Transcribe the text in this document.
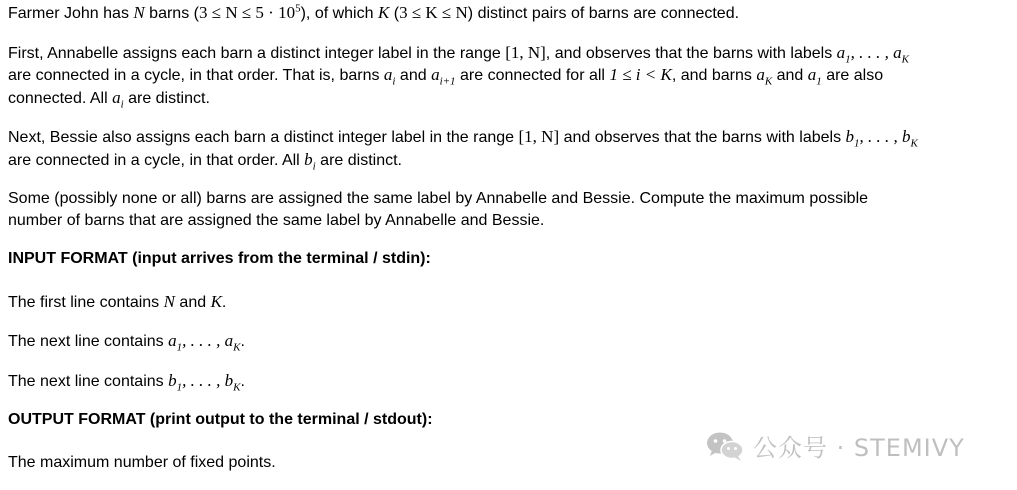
Farmer John has N barns $(3 \le N \le 5 \cdot 10^5)$, of which K (3 ≤ K ≤ N) distinct pairs of barns are connected.

First, Annabelle assigns each barn a distinct integer label in the range [1, N], and observes that the barns with labels $a_1$, . . . , $a_K$
are connected in a cycle, in that order. That is, barns $a_i$ and $a_{i+1}$ are connected for all 1 ≤ i < K, and barns $a_K$ and $a_1$ are also
connected. All $a_i$ are distinct.

Next, Bessie also assigns each barn a distinct integer label in the range [1, N] and observes that the barns with labels $b_1$, . . . , $b_K$
are connected in a cycle, in that order. All $b_i$ are distinct.

Some (possibly none or all) barns are assigned the same label by Annabelle and Bessie. Compute the maximum possible
number of barns that are assigned the same label by Annabelle and Bessie.

INPUT FORMAT (input arrives from the terminal / stdin):

The first line contains N and K.

The next line contains $a_1$, . . . , $a_K$.

The next line contains $b_1$, . . . , $b_K$.

OUTPUT FORMAT (print output to the terminal / stdout):

The maximum number of fixed points.	公众号 · STEMIVY
